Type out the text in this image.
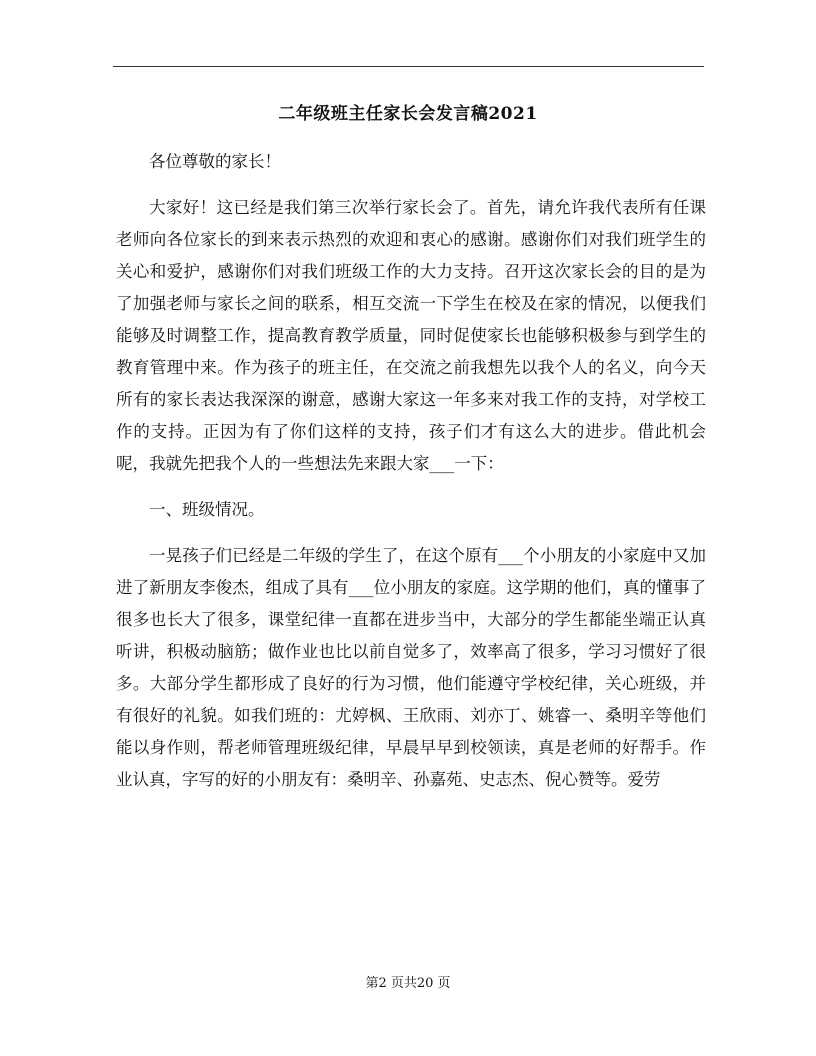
二年级班主任家长会发言稿2021

各位尊敬的家长！

大家好！这已经是我们第三次举行家长会了。首先，请允许我代表所有任课老师向各位家长的到来表示热烈的欢迎和衷心的感谢。感谢你们对我们班学生的关心和爱护，感谢你们对我们班级工作的大力支持。召开这次家长会的目的是为了加强老师与家长之间的联系，相互交流一下学生在校及在家的情况，以便我们能够及时调整工作，提高教育教学质量，同时促使家长也能够积极参与到学生的教育管理中来。作为孩子的班主任，在交流之前我想先以我个人的名义，向今天所有的家长表达我深深的谢意，感谢大家这一年多来对我工作的支持，对学校工作的支持。正因为有了你们这样的支持，孩子们才有这么大的进步。借此机会呢，我就先把我个人的一些想法先来跟大家___一下：

一、班级情况。

一晃孩子们已经是二年级的学生了，在这个原有___个小朋友的小家庭中又加进了新朋友李俊杰，组成了具有___位小朋友的家庭。这学期的他们，真的懂事了很多也长大了很多，课堂纪律一直都在进步当中，大部分的学生都能坐端正认真听讲，积极动脑筋；做作业也比以前自觉多了，效率高了很多，学习习惯好了很多。大部分学生都形成了良好的行为习惯，他们能遵守学校纪律，关心班级，并有很好的礼貌。如我们班的：尤婷枫、王欣雨、刘亦丁、姚睿一、桑明辛等他们能以身作则，帮老师管理班级纪律，早晨早早到校领读，真是老师的好帮手。作业认真，字写的好的小朋友有：桑明辛、孙嘉苑、史志杰、倪心赞等。爱劳

第2 页共20 页
